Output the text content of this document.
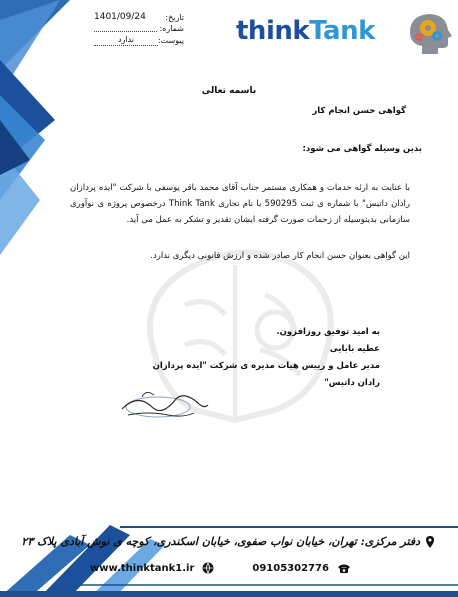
1401/09/24 تاریخ:
شماره:
ندارد	پیوست: thinkTank
باسمه تعالی
گواهی حسن انجام کار
بدین وسیله گواهی می شود:
با عنایت به ارئه خدمات و همکاری مستمر جناب آقای محمد باقر یوسفی با شرکت "ایده پردازان رادان داتیس" با شماره ی ثبت 590295 با نام تجاری Think Tank درخصوص پروژه ی نوآوری سازمانی بدینوسیله از زحمات صورت گرفته ایشان تقدیر و تشکر به عمل می آید.
این گواهی بعنوان حسن انجام کار صادر شده و ارزش قانونی دیگری ندارد.
به امید توفیق روزافزون.
عطیه بابایی
مدیر عامل و رییس هیات مدیره ی شرکت "ایده پردازان رادان داتیس"
دفتر مرکزی: تهران، خیابان نواب صفوی، خیابان اسکندری، کوچه ی نوش آبادی پلاک ۲۳
www.thinktank1.ir	09105302776
